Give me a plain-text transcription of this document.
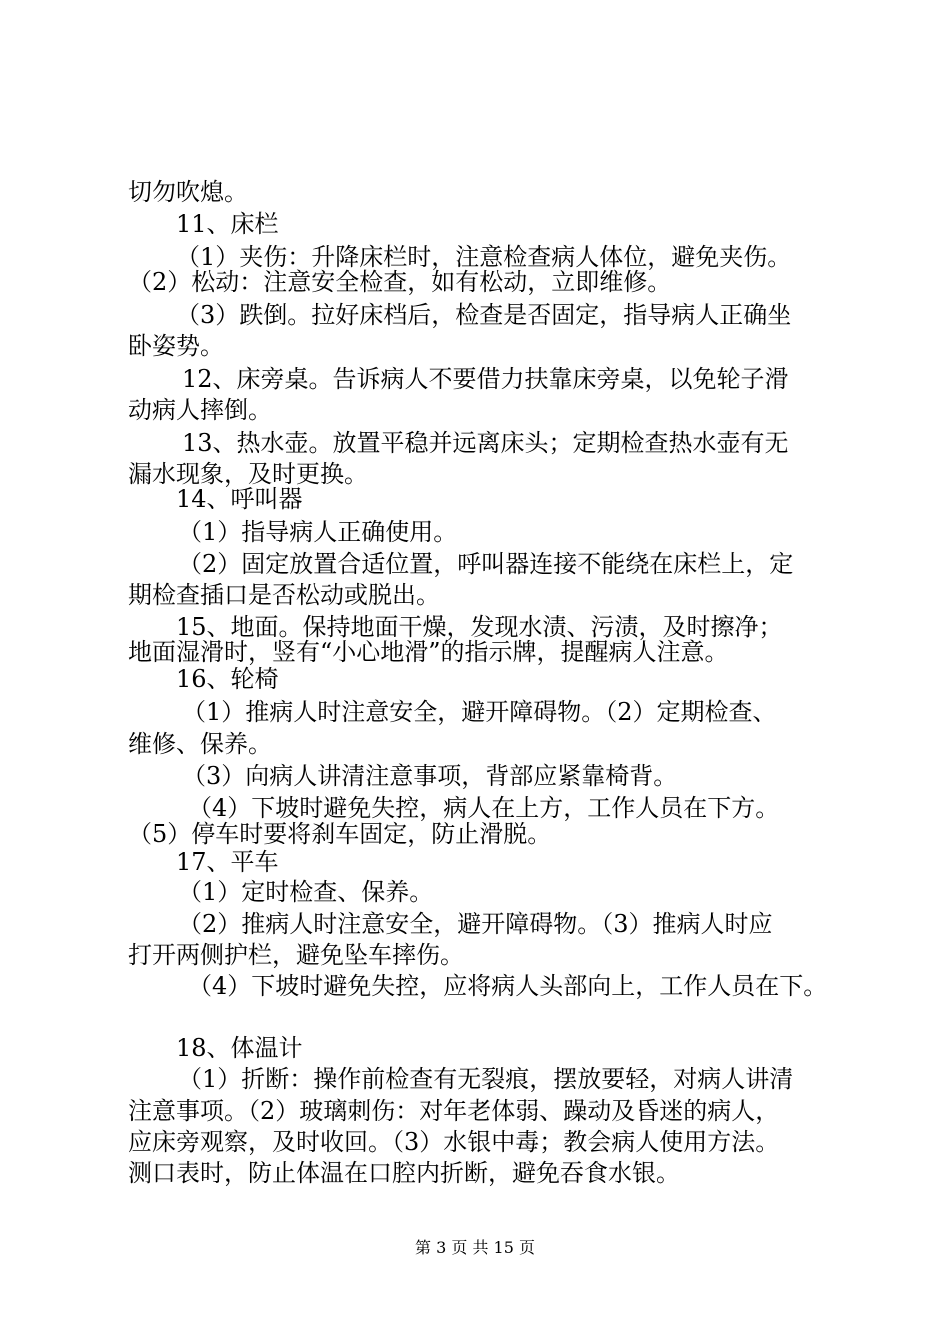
切勿吹熄。
11、床栏
（1）夹伤：升降床栏时，注意检查病人体位，避免夹伤。
（2）松动：注意安全检查，如有松动，立即维修。
（3）跌倒。拉好床档后，检查是否固定，指导病人正确坐
卧姿势。
12、床旁桌。告诉病人不要借力扶靠床旁桌，以免轮子滑
动病人摔倒。
13、热水壶。放置平稳并远离床头；定期检查热水壶有无
漏水现象，及时更换。
14、呼叫器
（1）指导病人正确使用。
（2）固定放置合适位置，呼叫器连接不能绕在床栏上，定
期检查插口是否松动或脱出。
15、地面。保持地面干燥，发现水渍、污渍，及时擦净；
地面湿滑时，竖有“小心地滑”的指示牌，提醒病人注意。
16、轮椅
（1）推病人时注意安全，避开障碍物。（2）定期检查、
维修、保养。
（3）向病人讲清注意事项，背部应紧靠椅背。
（4）下坡时避免失控，病人在上方，工作人员在下方。
（5）停车时要将刹车固定，防止滑脱。
17、平车
（1）定时检查、保养。
（2）推病人时注意安全，避开障碍物。（3）推病人时应
打开两侧护栏，避免坠车摔伤。
（4）下坡时避免失控，应将病人头部向上，工作人员在下。
18、体温计
（1）折断：操作前检查有无裂痕，摆放要轻，对病人讲清
注意事项。（2）玻璃刺伤：对年老体弱、躁动及昏迷的病人，
应床旁观察，及时收回。（3）水银中毒；教会病人使用方法。
测口表时，防止体温在口腔内折断，避免吞食水银。
第 3 页 共 15 页
